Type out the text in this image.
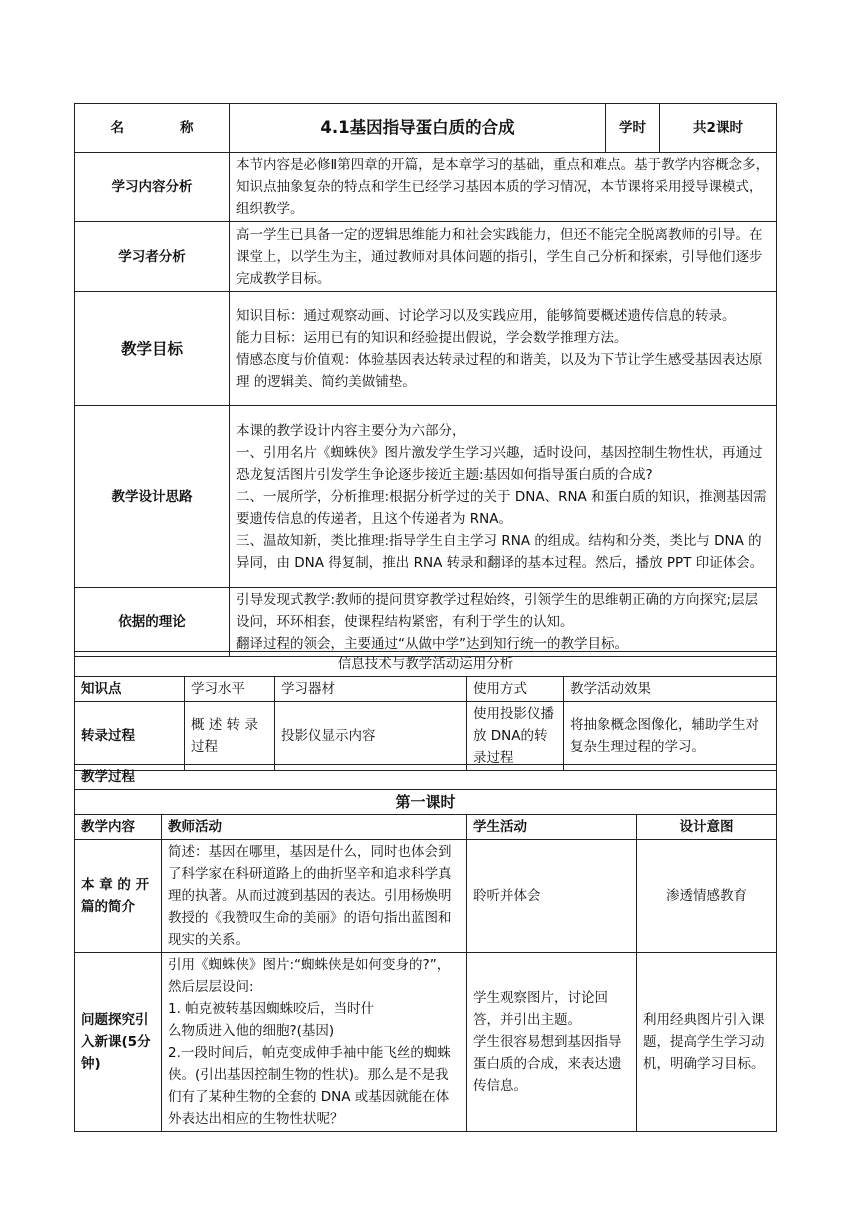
名 称	4.1基因指导蛋白质的合成	学时	共2课时
学习内容分析	本节内容是必修Ⅱ第四章的开篇，是本章学习的基础，重点和难点。基于教学内容概念多，知识点抽象复杂的特点和学生已经学习基因本质的学习情况，本节课将采用授导课模式，组织教学。		
学习者分析	高一学生已具备一定的逻辑思维能力和社会实践能力，但还不能完全脱离教师的引导。在课堂上，以学生为主，通过教师对具体问题的指引，学生自己分析和探索，引导他们逐步完成教学目标。		
教学目标	知识目标：通过观察动画、讨论学习以及实践应用，能够简要概述遗传信息的转录。
能力目标：运用已有的知识和经验提出假说，学会数学推理方法。
情感态度与价值观：体验基因表达转录过程的和谐美，以及为下节让学生感受基因表达原理 的逻辑美、简约美做铺垫。		

教学设计思路	本课的教学设计内容主要分为六部分，
一、引用名片《蜘蛛侠》图片激发学生学习兴趣，适时设问，基因控制生物性状，再通过恐龙复活图片引发学生争论逐步接近主题:基因如何指导蛋白质的合成?
二、一展所学，分析推理:根据分析学过的关于 DNA、RNA 和蛋白质的知识，推测基因需要遗传信息的传递者，且这个传递者为 RNA。
三、温故知新，类比推理:指导学生自主学习 RNA 的组成。结构和分类，类比与 DNA 的异同，由 DNA 得复制，推出 RNA 转录和翻译的基本过程。然后，播放 PPT 印证体会。		

依据的理论	引导发现式教学:教师的提问贯穿教学过程始终，引领学生的思维朝正确的方向探究;层层设问，环环相套，使课程结构紧密，有利于学生的认知。
翻译过程的领会，主要通过“从做中学”达到知行统一的教学目标。		
信息技术与教学活动运用分析				
知识点	学习水平	学习器材	使用方式	教学活动效果
转录过程	概 述 转 录过程	投影仪显示内容	使用投影仪播 放 DNA的转录过程	将抽象概念图像化，辅助学生对复杂生理过程的学习。
教学过程			
第一课时			
教学内容	教师活动	学生活动	设计意图
本 章 的 开篇的简介	简述：基因在哪里，基因是什么，同时也体会到了科学家在科研道路上的曲折坚辛和追求科学真理的执著。从而过渡到基因的表达。引用杨焕明教授的《我赞叹生命的美丽》的语句指出蓝图和现实的关系。	聆听并体会	渗透情感教育
问题探究引入新课(5分钟)	引用《蜘蛛侠》图片:“蜘蛛侠是如何变身的?”，然后层层设问:
1. 帕克被转基因蜘蛛咬后，当时什
么物质进入他的细胞?(基因)
2.一段时间后，帕克变成伸手袖中能飞丝的蜘蛛侠。(引出基因控制生物的性状)。那么是不是我们有了某种生物的全套的 DNA 或基因就能在体外表达出相应的生物性状呢？	学生观察图片，讨论回答，并引出主题。
学生很容易想到基因指导蛋白质的合成，来表达遗传信息。	利用经典图片引入课题，提高学生学习动机，明确学习目标。
